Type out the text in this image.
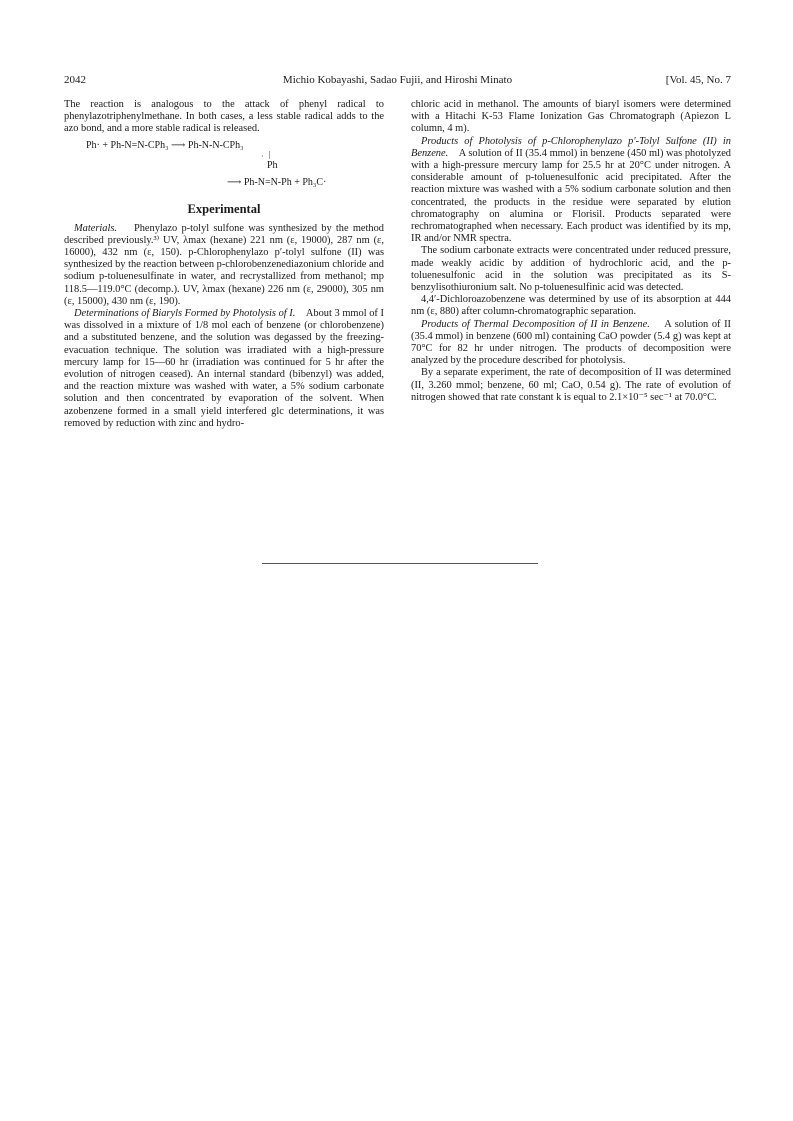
2042	Michio Kobayashi, Sadao Fujii, and Hiroshi Minato	[Vol. 45, No. 7

The reaction is analogous to the attack of phenyl radical to phenylazotriphenylmethane. In both cases, a less stable radical adds to the azo bond, and a more stable radical is released.

Ph· + Ph-N=N-CPh₃ ⟶ Ph-N-N-CPh₃
· |
Ph
⟶ Ph-N=N-Ph + Ph₃C·
Experimental

Materials. Phenylazo p-tolyl sulfone was synthesized by the method described previously.³⁾ UV, λmax (hexane) 221 nm (ε, 19000), 287 nm (ε, 16000), 432 nm (ε, 150). p-Chlorophenylazo p′-tolyl sulfone (II) was synthesized by the reaction between p-chlorobenzenediazonium chloride and sodium p-toluenesulfinate in water, and recrystallized from methanol; mp 118.5—119.0°C (decomp.). UV, λmax (hexane) 226 nm (ε, 29000), 305 nm (ε, 15000), 430 nm (ε, 190).

Determinations of Biaryls Formed by Photolysis of I. About 3 mmol of I was dissolved in a mixture of 1/8 mol each of benzene (or chlorobenzene) and a substituted benzene, and the solution was degassed by the freezing-evacuation technique. The solution was irradiated with a high-pressure mercury lamp for 15—60 hr (irradiation was continued for 5 hr after the evolution of nitrogen ceased). An internal standard (bibenzyl) was added, and the reaction mixture was washed with water, a 5% sodium carbonate solution and then concentrated by evaporation of the solvent. When azobenzene formed in a small yield interfered glc determinations, it was removed by reduction with zinc and hydro-

chloric acid in methanol. The amounts of biaryl isomers were determined with a Hitachi K-53 Flame Ionization Gas Chromatograph (Apiezon L column, 4 m).

Products of Photolysis of p-Chlorophenylazo p′-Tolyl Sulfone (II) in Benzene. A solution of II (35.4 mmol) in benzene (450 ml) was photolyzed with a high-pressure mercury lamp for 25.5 hr at 20°C under nitrogen. A considerable amount of p-toluenesulfonic acid precipitated. After the reaction mixture was washed with a 5% sodium carbonate solution and then concentrated, the products in the residue were separated by elution chromatography on alumina or Florisil. Products separated were rechromatographed when necessary. Each product was identified by its mp, IR and/or NMR spectra.

The sodium carbonate extracts were concentrated under reduced pressure, made weakly acidic by addition of hydrochloric acid, and the p-toluenesulfonic acid in the solution was precipitated as its S-benzylisothiuronium salt. No p-toluenesulfinic acid was detected.

4,4′-Dichloroazobenzene was determined by use of its absorption at 444 nm (ε, 880) after column-chromatographic separation.

Products of Thermal Decomposition of II in Benzene. A solution of II (35.4 mmol) in benzene (600 ml) containing CaO powder (5.4 g) was kept at 70°C for 82 hr under nitrogen. The products of decomposition were analyzed by the procedure described for photolysis.

By a separate experiment, the rate of decomposition of II was determined (II, 3.260 mmol; benzene, 60 ml; CaO, 0.54 g). The rate of evolution of nitrogen showed that rate constant k is equal to 2.1×10⁻⁵ sec⁻¹ at 70.0°C.
